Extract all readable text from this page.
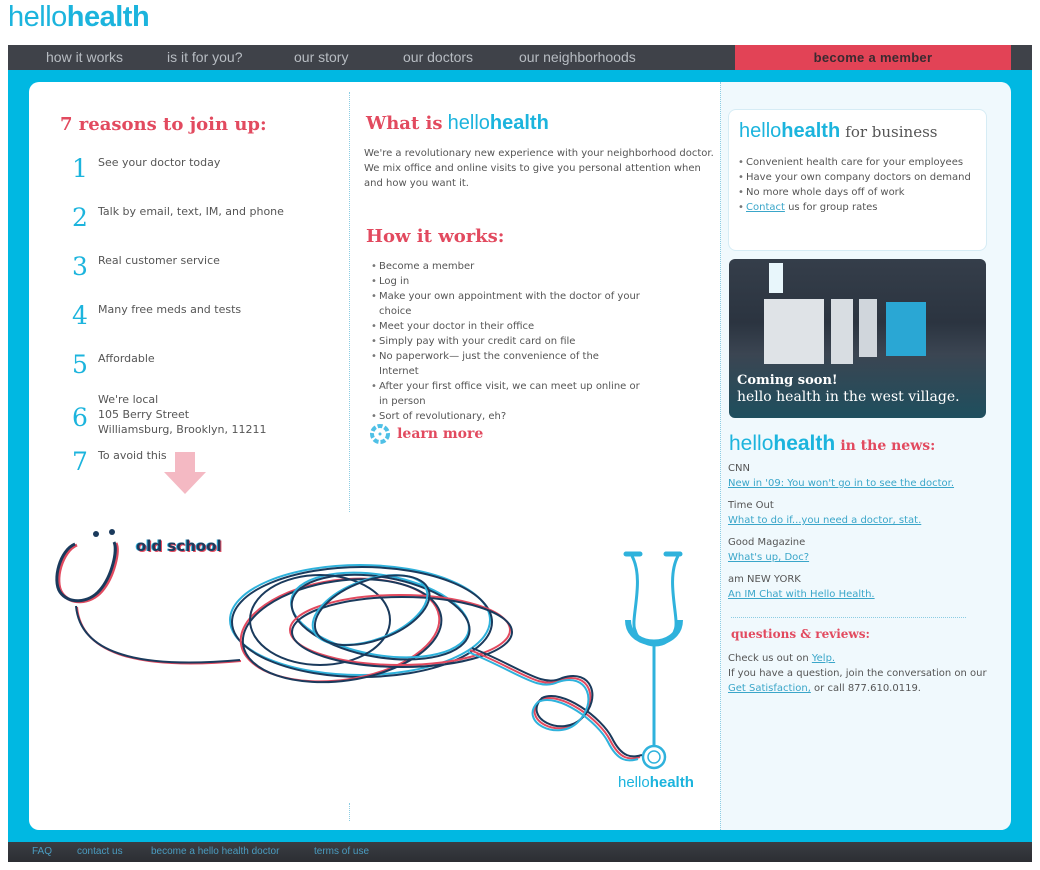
hellohealth
how it works	is it for you?	our story	our doctors	our neighborhoods	become a member
7 reasons to join up:
1 See your doctor today
2 Talk by email, text, IM, and phone
3 Real customer service
4 Many free meds and tests
5 Affordable
6
We're local
105 Berry Street
Williamsburg, Brooklyn, 11211
7 To avoid this
old school
hellohealth
What is hellohealth
We're a revolutionary new experience with your neighborhood doctor. We mix office and online visits to give you personal attention when and how you want it.
How it works:
• Become a member
• Log in
• Make your own appointment with the doctor of your choice
• Meet your doctor in their office
• Simply pay with your credit card on file
• No paperwork— just the convenience of the Internet
• After your first office visit, we can meet up online or in person
• Sort of revolutionary, eh?
learn more
hellohealth for business
• Convenient health care for your employees
• Have your own company doctors on demand
• No more whole days off of work
• Contact us for group rates
Coming soon!
hello health in the west village.
hellohealth in the news:
CNN
New in '09: You won't go in to see the doctor.
Time Out
What to do if...you need a doctor, stat.
Good Magazine
What's up, Doc?
am NEW YORK
An IM Chat with Hello Health.
questions & reviews:
Check us out on Yelp.
If you have a question, join the conversation on our
Get Satisfaction, or call 877.610.0119.
FAQ contact us	become a hello health doctor	terms of use
